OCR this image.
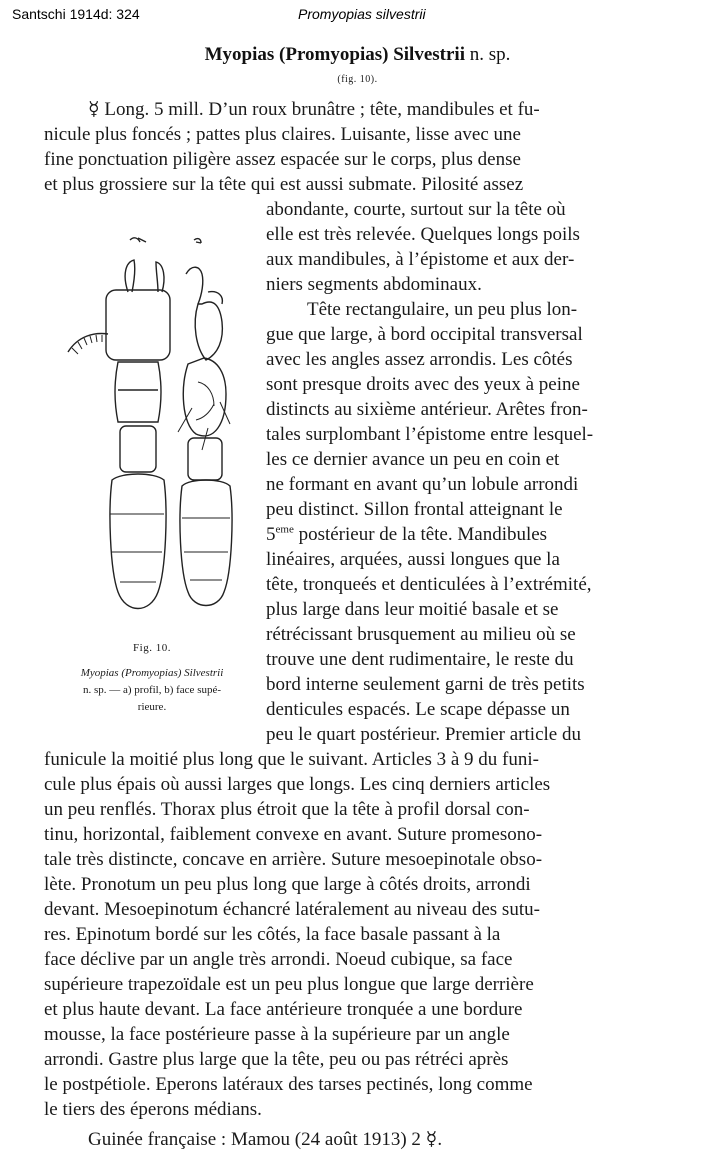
Santschi 1914d: 324	Promyopias silvestrii
Myopias (Promyopias) Silvestrii n. sp.
(fig. 10).
☿ Long. 5 mill. D’un roux brunâtre ; tête, mandibules et fu-
nicule plus foncés ; pattes plus claires. Luisante, lisse avec une
fine ponctuation piligère assez espacée sur le corps, plus dense
et plus grossiere sur la tête qui est aussi submate. Pilosité assez
abondante, courte, surtout sur la tête où
elle est très relevée. Quelques longs poils
aux mandibules, à l’épistome et aux der-
niers segments abdominaux.
Tête rectangulaire, un peu plus lon-
gue que large, à bord occipital transversal
avec les angles assez arrondis. Les côtés
sont presque droits avec des yeux à peine
distincts au sixième antérieur. Arêtes fron-
tales surplombant l’épistome entre lesquel-
les ce dernier avance un peu en coin et
ne formant en avant qu’un lobule arrondi
peu distinct. Sillon frontal atteignant le
5eme postérieur de la tête. Mandibules
linéaires, arquées, aussi longues que la
tête, tronqueés et denticulées à l’extrémité,
plus large dans leur moitié basale et se
rétrécissant brusquement au milieu où se
trouve une dent rudimentaire, le reste du
bord interne seulement garni de très petits
denticules espacés. Le scape dépasse un
peu le quart postérieur. Premier article du
funicule la moitié plus long que le suivant. Articles 3 à 9 du funi-
cule plus épais où aussi larges que longs. Les cinq derniers articles
un peu renflés. Thorax plus étroit que la tête à profil dorsal con-
tinu, horizontal, faiblement convexe en avant. Suture promesono-
tale très distincte, concave en arrière. Suture mesoepinotale obso-
lète. Pronotum un peu plus long que large à côtés droits, arrondi
devant. Mesoepinotum échancré latéralement au niveau des sutu-
res. Epinotum bordé sur les côtés, la face basale passant à la
face déclive par un angle très arrondi. Noeud cubique, sa face
supérieure trapezoïdale est un peu plus longue que large derrière
et plus haute devant. La face antérieure tronquée a une bordure
mousse, la face postérieure passe à la supérieure par un angle
arrondi. Gastre plus large que la tête, peu ou pas rétréci après
le postpétiole. Eperons latéraux des tarses pectinés, long comme
le tiers des éperons médians.
Guinée française : Mamou (24 août 1913) 2 ☿.
Fig. 10.
Myopias (Promyopias) Silvestrii
n. sp. — a) profil, b) face supé-
rieure.
